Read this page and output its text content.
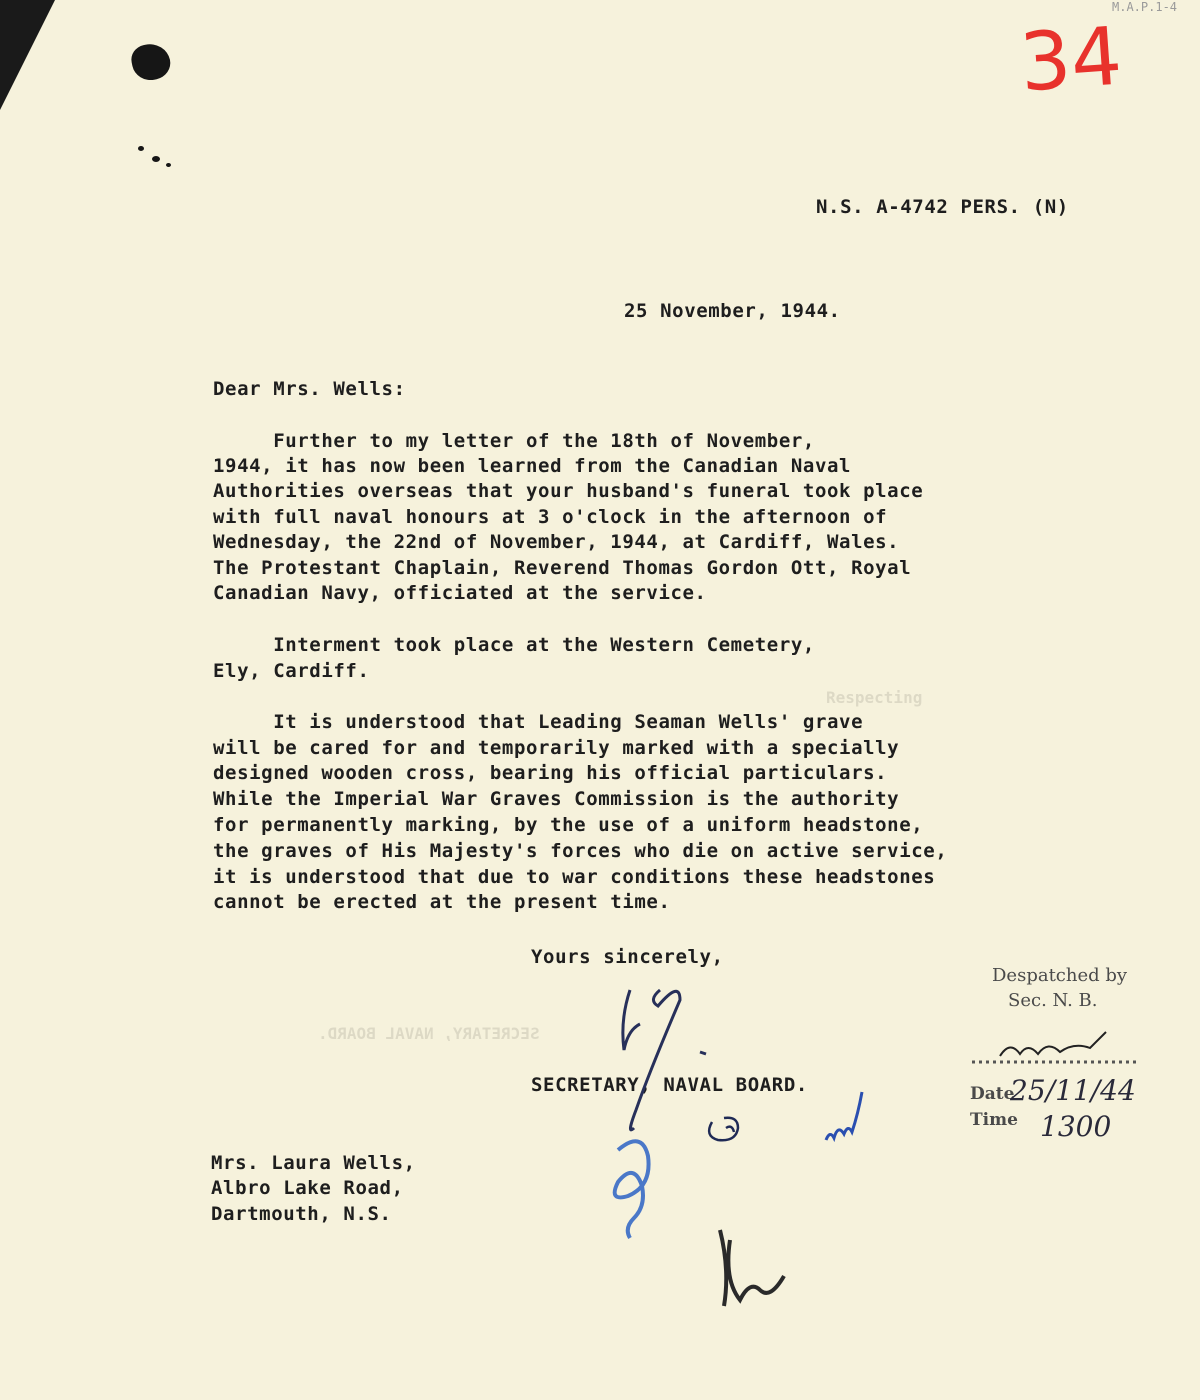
M.A.P.1-4
34
Respecting
SECRETARY, NAVAL BOARD.
N.S. A-4742 PERS. (N)
25 November, 1944.
Dear Mrs. Wells:
Further to my letter of the 18th of November,
1944, it has now been learned from the Canadian Naval
Authorities overseas that your husband's funeral took place
with full naval honours at 3 o'clock in the afternoon of
Wednesday, the 22nd of November, 1944, at Cardiff, Wales.
The Protestant Chaplain, Reverend Thomas Gordon Ott, Royal
Canadian Navy, officiated at the service.
Interment took place at the Western Cemetery,
Ely, Cardiff.
It is understood that Leading Seaman Wells' grave
will be cared for and temporarily marked with a specially
designed wooden cross, bearing his official particulars.
While the Imperial War Graves Commission is the authority
for permanently marking, by the use of a uniform headstone,
the graves of His Majesty's forces who die on active service,
it is understood that due to war conditions these headstones
cannot be erected at the present time.
Yours sincerely,
SECRETARY, NAVAL BOARD.
Mrs. Laura Wells,
Albro Lake Road,
Dartmouth, N.S.
Despatched by
Sec. N. B.
Date
Time
25/11/44
1300
